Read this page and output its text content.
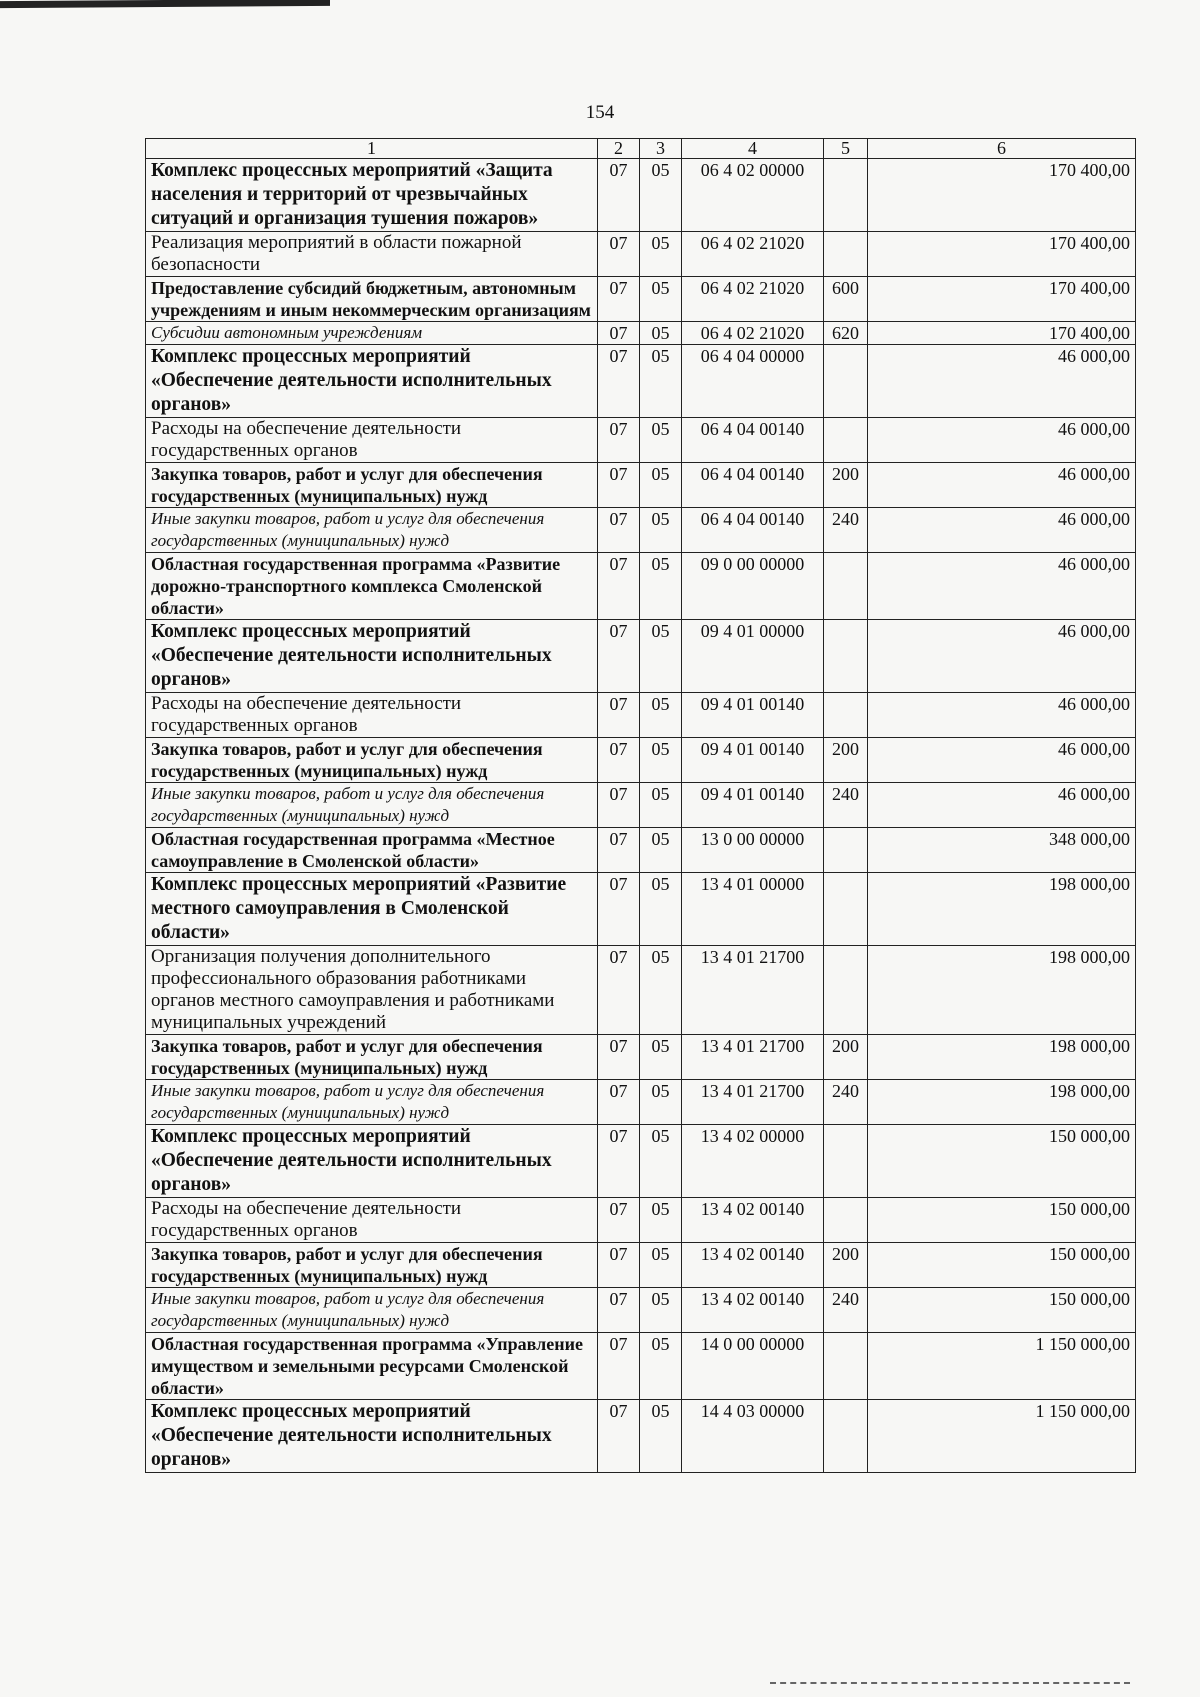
154
1	2	3	4	5	6
Комплекс процессных мероприятий «Защита населения и территорий от чрезвычайных ситуаций и организация тушения пожаров»	07	05	06 4 02 00000		170 400,00
Реализация мероприятий в области пожарной безопасности	07	05	06 4 02 21020		170 400,00
Предоставление субсидий бюджетным, автономным учреждениям и иным некоммерческим организациям	07	05	06 4 02 21020	600	170 400,00
Субсидии автономным учреждениям	07	05	06 4 02 21020	620	170 400,00
Комплекс процессных мероприятий «Обеспечение деятельности исполнительных органов»	07	05	06 4 04 00000		46 000,00
Расходы на обеспечение деятельности государственных органов	07	05	06 4 04 00140		46 000,00
Закупка товаров, работ и услуг для обеспечения государственных (муниципальных) нужд	07	05	06 4 04 00140	200	46 000,00
Иные закупки товаров, работ и услуг для обеспечения государственных (муниципальных) нужд	07	05	06 4 04 00140	240	46 000,00
Областная государственная программа «Развитие дорожно-транспортного комплекса Смоленской области»	07	05	09 0 00 00000		46 000,00
Комплекс процессных мероприятий «Обеспечение деятельности исполнительных органов»	07	05	09 4 01 00000		46 000,00
Расходы на обеспечение деятельности государственных органов	07	05	09 4 01 00140		46 000,00
Закупка товаров, работ и услуг для обеспечения государственных (муниципальных) нужд	07	05	09 4 01 00140	200	46 000,00
Иные закупки товаров, работ и услуг для обеспечения государственных (муниципальных) нужд	07	05	09 4 01 00140	240	46 000,00
Областная государственная программа «Местное самоуправление в Смоленской области»	07	05	13 0 00 00000		348 000,00
Комплекс процессных мероприятий «Развитие местного самоуправления в Смоленской области»	07	05	13 4 01 00000		198 000,00
Организация получения дополнительного профессионального образования работниками органов местного самоуправления и работниками муниципальных учреждений	07	05	13 4 01 21700		198 000,00
Закупка товаров, работ и услуг для обеспечения государственных (муниципальных) нужд	07	05	13 4 01 21700	200	198 000,00
Иные закупки товаров, работ и услуг для обеспечения государственных (муниципальных) нужд	07	05	13 4 01 21700	240	198 000,00
Комплекс процессных мероприятий «Обеспечение деятельности исполнительных органов»	07	05	13 4 02 00000		150 000,00
Расходы на обеспечение деятельности государственных органов	07	05	13 4 02 00140		150 000,00
Закупка товаров, работ и услуг для обеспечения государственных (муниципальных) нужд	07	05	13 4 02 00140	200	150 000,00
Иные закупки товаров, работ и услуг для обеспечения государственных (муниципальных) нужд	07	05	13 4 02 00140	240	150 000,00
Областная государственная программа «Управление имуществом и земельными ресурсами Смоленской области»	07	05	14 0 00 00000		1 150 000,00
Комплекс процессных мероприятий «Обеспечение деятельности исполнительных органов»	07	05	14 4 03 00000		1 150 000,00
